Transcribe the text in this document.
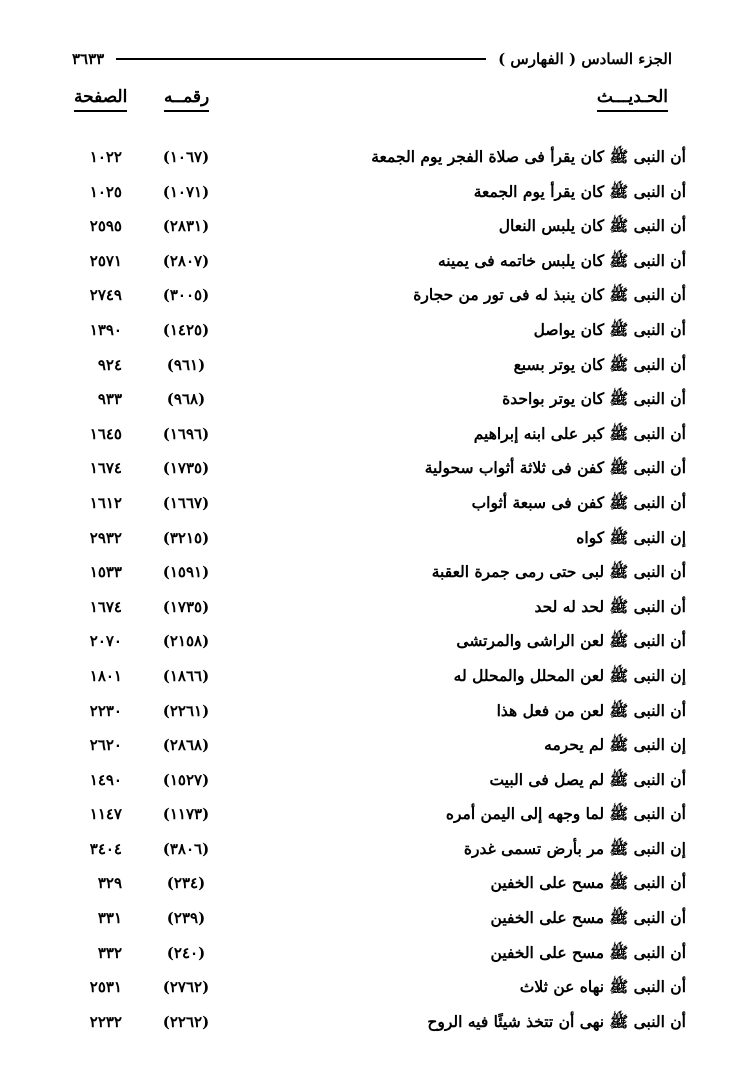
الجزء السادس ( الفهارس )
٣٦٣٣
الحـديـــث
رقمــه
الصفحة
أن النبى ﷺ كان يقرأ فى صلاة الفجر يوم الجمعة
(١٠٦٧)
١٠٢٢
أن النبى ﷺ كان يقرأ يوم الجمعة
(١٠٧١)
١٠٢٥
أن النبى ﷺ كان يلبس النعال
(٢٨٣١)
٢٥٩٥
أن النبى ﷺ كان يلبس خاتمه فى يمينه
(٢٨٠٧)
٢٥٧١
أن النبى ﷺ كان ينبذ له فى تور من حجارة
(٣٠٠٥)
٢٧٤٩
أن النبى ﷺ كان يواصل
(١٤٢٥)
١٣٩٠
أن النبى ﷺ كان يوتر بسبع
(٩٦١)
٩٢٤
أن النبى ﷺ كان يوتر بواحدة
(٩٦٨)
٩٣٣
أن النبى ﷺ كبر على ابنه إبراهيم
(١٦٩٦)
١٦٤٥
أن النبى ﷺ كفن فى ثلاثة أثواب سحولية
(١٧٣٥)
١٦٧٤
أن النبى ﷺ كفن فى سبعة أثواب
(١٦٦٧)
١٦١٢
إن النبى ﷺ كواه
(٣٢١٥)
٢٩٣٢
أن النبى ﷺ لبى حتى رمى جمرة العقبة
(١٥٩١)
١٥٣٣
أن النبى ﷺ لحد له لحد
(١٧٣٥)
١٦٧٤
أن النبى ﷺ لعن الراشى والمرتشى
(٢١٥٨)
٢٠٧٠
إن النبى ﷺ لعن المحلل والمحلل له
(١٨٦٦)
١٨٠١
أن النبى ﷺ لعن من فعل هذا
(٢٢٦١)
٢٢٣٠
إن النبى ﷺ لم يحرمه
(٢٨٦٨)
٢٦٢٠
أن النبى ﷺ لم يصل فى البيت
(١٥٢٧)
١٤٩٠
أن النبى ﷺ لما وجهه إلى اليمن أمره
(١١٧٣)
١١٤٧
إن النبى ﷺ مر بأرض تسمى غدرة
(٣٨٠٦)
٣٤٠٤
أن النبى ﷺ مسح على الخفين
(٢٣٤)
٣٢٩
أن النبى ﷺ مسح على الخفين
(٢٣٩)
٣٣١
أن النبى ﷺ مسح على الخفين
(٢٤٠)
٣٣٢
أن النبى ﷺ نهاه عن ثلاث
(٢٧٦٢)
٢٥٣١
أن النبى ﷺ نهى أن تتخذ شيئًا فيه الروح
(٢٢٦٢)
٢٢٣٢
